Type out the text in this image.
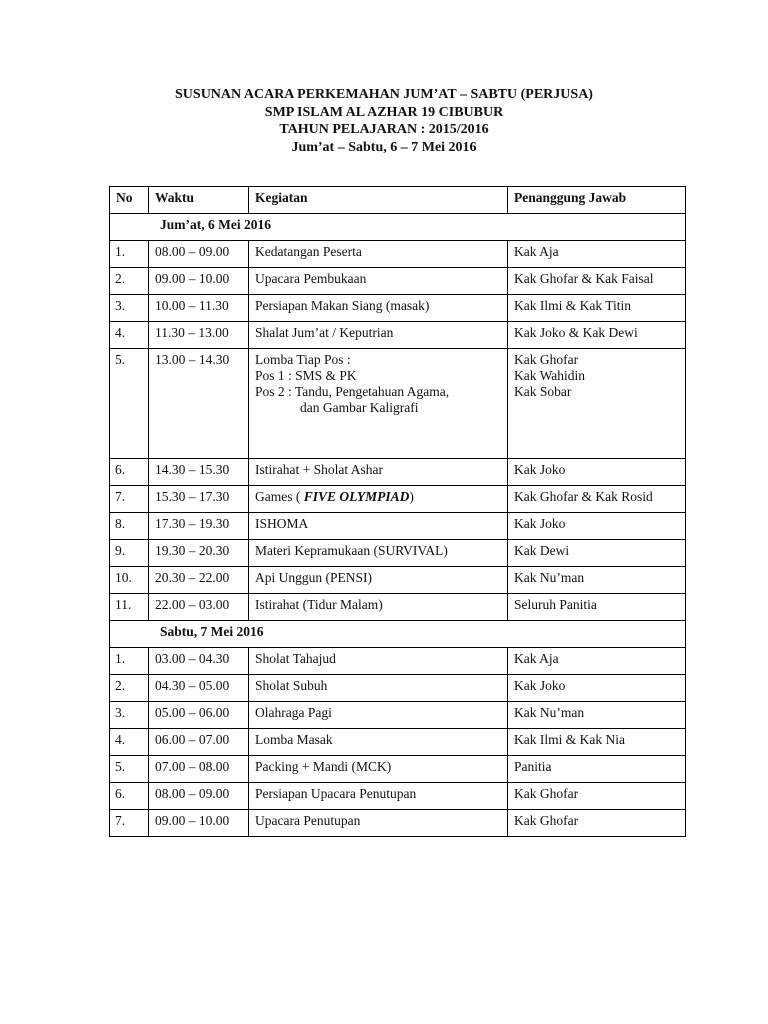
SUSUNAN ACARA PERKEMAHAN JUM’AT – SABTU (PERJUSA)
SMP ISLAM AL AZHAR 19 CIBUBUR
TAHUN PELAJARAN : 2015/2016
Jum’at – Sabtu, 6 – 7 Mei 2016
No	Waktu	Kegiatan	Penanggung Jawab
Jum’at, 6 Mei 2016			
1.	08.00 – 09.00	Kedatangan Peserta	Kak Aja
2.	09.00 – 10.00	Upacara Pembukaan	Kak Ghofar & Kak Faisal
3.	10.00 – 11.30	Persiapan Makan Siang (masak)	Kak Ilmi & Kak Titin
4.	11.30 – 13.00	Shalat Jum’at / Keputrian	Kak Joko & Kak Dewi
5.	13.00 – 14.30	Lomba Tiap Pos :
Pos 1 : SMS & PK
Pos 2 : Tandu, Pengetahuan Agama,
dan Gambar Kaligrafi	Kak Ghofar
Kak Wahidin
Kak Sobar

6.	14.30 – 15.30	Istirahat + Sholat Ashar	Kak Joko
7.	15.30 – 17.30	Games ( FIVE OLYMPIAD)	Kak Ghofar & Kak Rosid
8.	17.30 – 19.30	ISHOMA	Kak Joko
9.	19.30 – 20.30	Materi Kepramukaan (SURVIVAL)	Kak Dewi
10.	20.30 – 22.00	Api Unggun (PENSI)	Kak Nu’man
11.	22.00 – 03.00	Istirahat (Tidur Malam)	Seluruh Panitia
Sabtu, 7 Mei 2016			
1.	03.00 – 04.30	Sholat Tahajud	Kak Aja
2.	04.30 – 05.00	Sholat Subuh	Kak Joko
3.	05.00 – 06.00	Olahraga Pagi	Kak Nu’man
4.	06.00 – 07.00	Lomba Masak	Kak Ilmi & Kak Nia
5.	07.00 – 08.00	Packing + Mandi (MCK)	Panitia
6.	08.00 – 09.00	Persiapan Upacara Penutupan	Kak Ghofar
7.	09.00 – 10.00	Upacara Penutupan	Kak Ghofar
